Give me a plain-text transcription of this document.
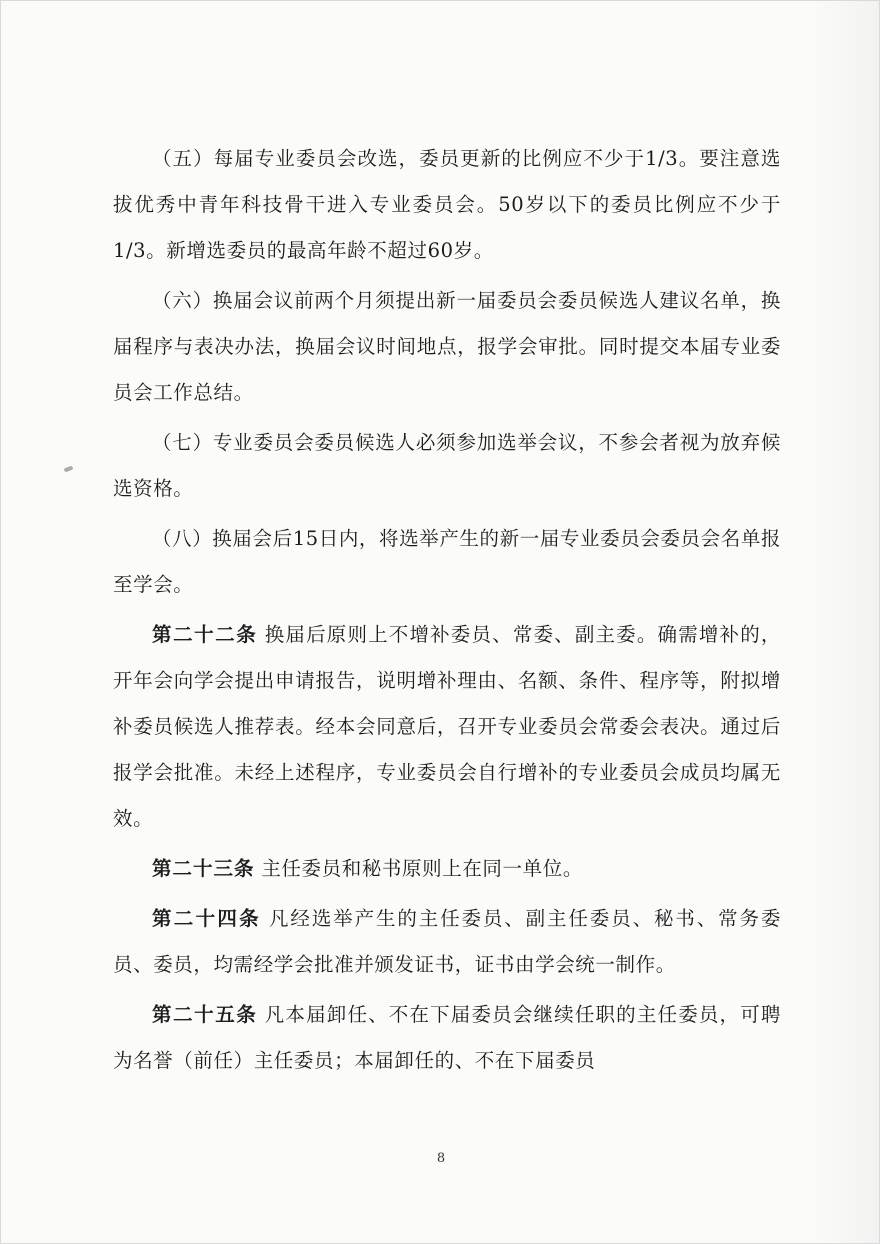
（五）每届专业委员会改选，委员更新的比例应不少于1/3。要注意选拔优秀中青年科技骨干进入专业委员会。50岁以下的委员比例应不少于1/3。新增选委员的最高年龄不超过60岁。

（六）换届会议前两个月须提出新一届委员会委员候选人建议名单，换届程序与表决办法，换届会议时间地点，报学会审批。同时提交本届专业委员会工作总结。

（七）专业委员会委员候选人必须参加选举会议，不参会者视为放弃候选资格。

（八）换届会后15日内，将选举产生的新一届专业委员会委员会名单报至学会。

第二十二条 换届后原则上不增补委员、常委、副主委。确需增补的，开年会向学会提出申请报告，说明增补理由、名额、条件、程序等，附拟增补委员候选人推荐表。经本会同意后，召开专业委员会常委会表决。通过后报学会批准。未经上述程序，专业委员会自行增补的专业委员会成员均属无效。

第二十三条 主任委员和秘书原则上在同一单位。

第二十四条 凡经选举产生的主任委员、副主任委员、秘书、常务委员、委员，均需经学会批准并颁发证书，证书由学会统一制作。

第二十五条 凡本届卸任、不在下届委员会继续任职的主任委员，可聘为名誉（前任）主任委员；本届卸任的、不在下届委员

8
